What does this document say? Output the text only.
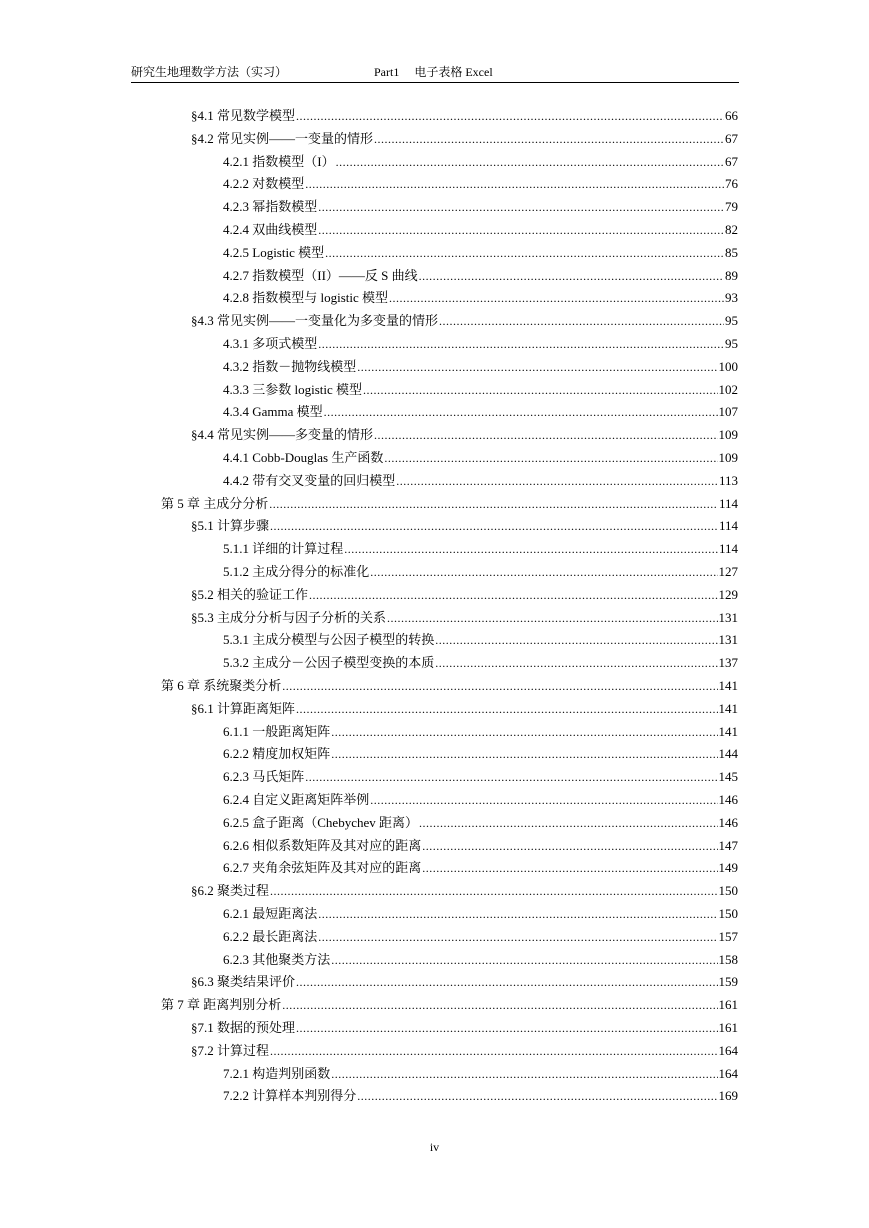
研究生地理数学方法（实习）	Part1　 电子表格 Excel
§4.1 常见数学模型 .....	66
§4.2 常见实例——一变量的情形 .....	67
4.2.1 指数模型（I） .....	67
4.2.2 对数模型 .....	76
4.2.3 幂指数模型 .....	79
4.2.4 双曲线模型 .....	82
4.2.5 Logistic 模型 .....	85
4.2.7 指数模型（II）——反 S 曲线 .....	89
4.2.8 指数模型与 logistic 模型 .....	93
§4.3 常见实例——一变量化为多变量的情形 .....	95
4.3.1 多项式模型 .....	95
4.3.2 指数－抛物线模型 .....	100
4.3.3 三参数 logistic 模型 .....	102
4.3.4 Gamma 模型 .....	107
§4.4 常见实例——多变量的情形 .....	109
4.4.1 Cobb-Douglas 生产函数 .....	109
4.4.2 带有交叉变量的回归模型 .....	113
第 5 章 主成分分析 .....	114
§5.1 计算步骤 .....	114
5.1.1 详细的计算过程 .....	114
5.1.2 主成分得分的标准化 .....	127
§5.2 相关的验证工作 .....	129
§5.3 主成分分析与因子分析的关系 .....	131
5.3.1 主成分模型与公因子模型的转换 .....	131
5.3.2 主成分－公因子模型变换的本质 .....	137
第 6 章 系统聚类分析 .....	141
§6.1 计算距离矩阵 .....	141
6.1.1 一般距离矩阵 .....	141
6.2.2 精度加权矩阵 .....	144
6.2.3 马氏矩阵 .....	145
6.2.4 自定义距离矩阵举例 .....	146
6.2.5 盒子距离（Chebychev 距离） .....	146
6.2.6 相似系数矩阵及其对应的距离 .....	147
6.2.7 夹角余弦矩阵及其对应的距离 .....	149
§6.2 聚类过程 .....	150
6.2.1 最短距离法 .....	150
6.2.2 最长距离法 .....	157
6.2.3 其他聚类方法 .....	158
§6.3 聚类结果评价 .....	159
第 7 章 距离判别分析 .....	161
§7.1 数据的预处理 .....	161
§7.2 计算过程 .....	164
7.2.1 构造判别函数 .....	164
7.2.2 计算样本判别得分 .....	169
iv
